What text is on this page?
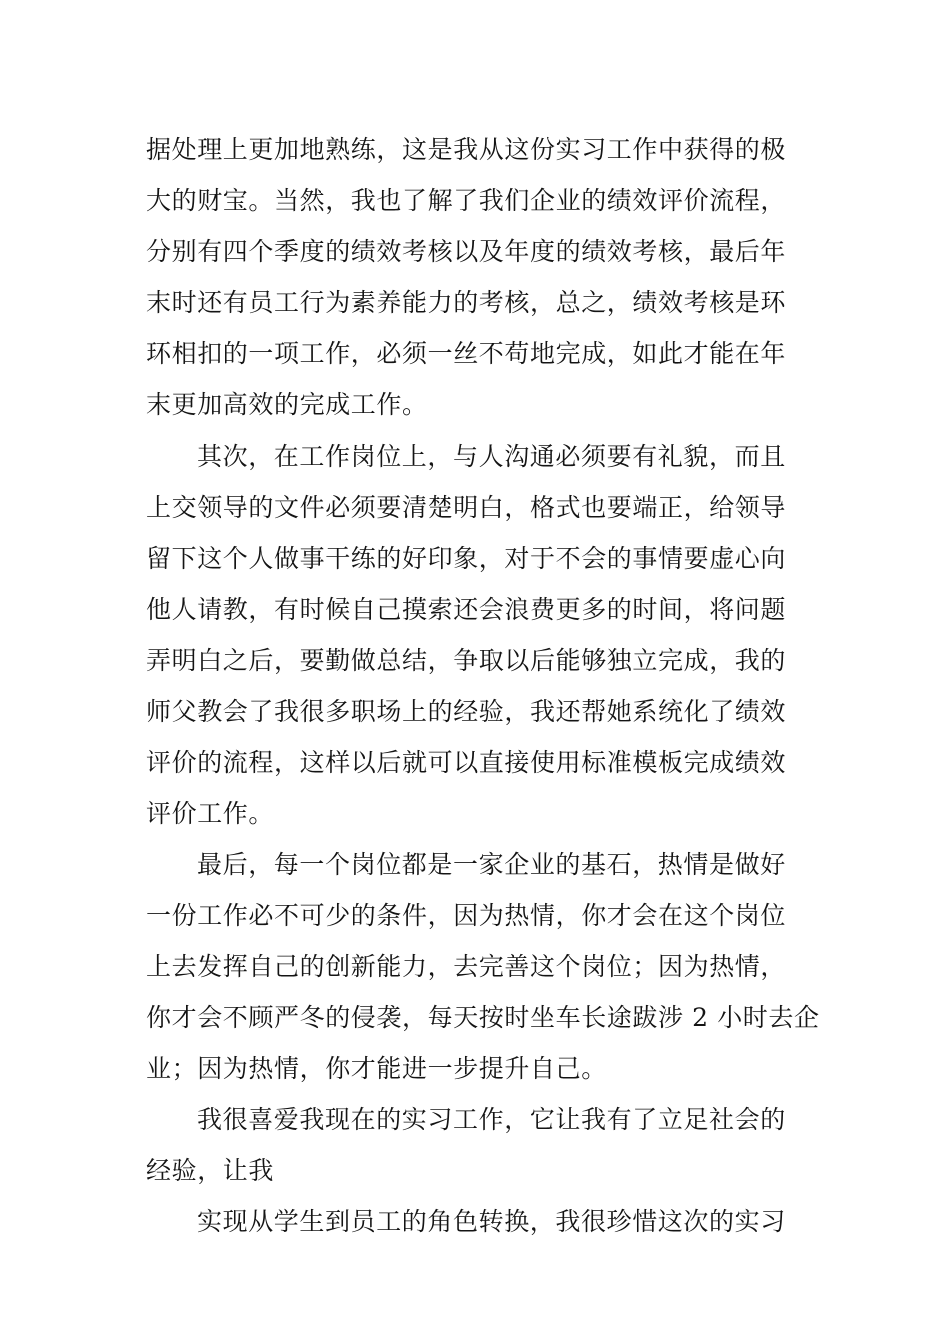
据处理上更加地熟练，这是我从这份实习工作中获得的极
大的财宝。当然，我也了解了我们企业的绩效评价流程，
分别有四个季度的绩效考核以及年度的绩效考核，最后年
末时还有员工行为素养能力的考核，总之，绩效考核是环
环相扣的一项工作，必须一丝不苟地完成，如此才能在年
末更加高效的完成工作。
其次，在工作岗位上，与人沟通必须要有礼貌，而且
上交领导的文件必须要清楚明白，格式也要端正，给领导
留下这个人做事干练的好印象，对于不会的事情要虚心向
他人请教，有时候自己摸索还会浪费更多的时间，将问题
弄明白之后，要勤做总结，争取以后能够独立完成，我的
师父教会了我很多职场上的经验，我还帮她系统化了绩效
评价的流程，这样以后就可以直接使用标准模板完成绩效
评价工作。
最后，每一个岗位都是一家企业的基石，热情是做好
一份工作必不可少的条件，因为热情，你才会在这个岗位
上去发挥自己的创新能力，去完善这个岗位；因为热情，
你才会不顾严冬的侵袭，每天按时坐车长途跋涉 2 小时去企
业；因为热情，你才能进一步提升自己。
我很喜爱我现在的实习工作，它让我有了立足社会的
经验，让我
实现从学生到员工的角色转换，我很珍惜这次的实习
